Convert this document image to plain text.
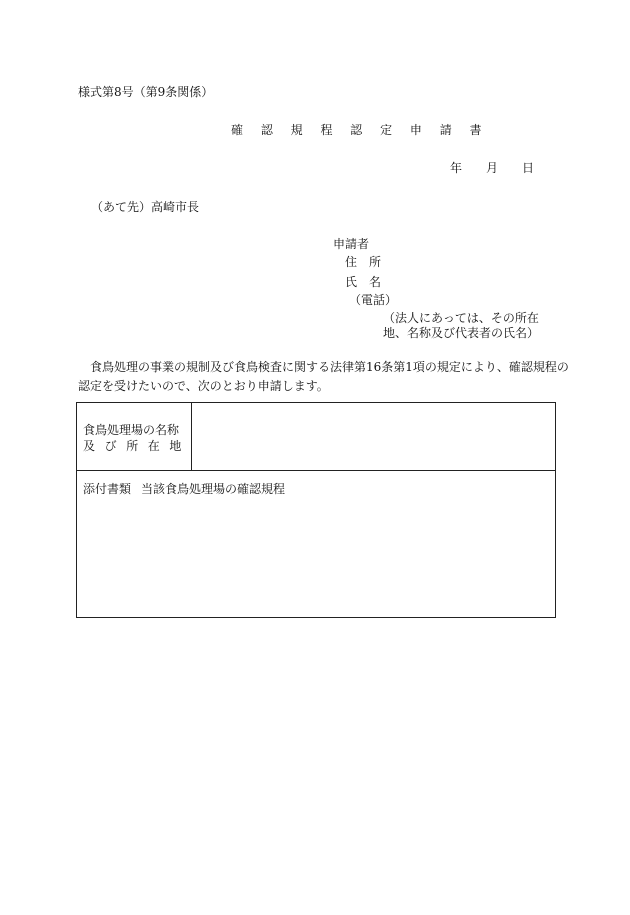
様式第8号（第9条関係）
確 認 規 程 認 定 申 請 書
年 月 日
（あて先）高崎市長
申請者
住　所
氏　名
（電話）
（法人にあっては、その所在
地、名称及び代表者の氏名）
食鳥処理の事業の規制及び食鳥検査に関する法律第16条第1項の規定により、確認規程の
認定を受けたいので、次のとおり申請します。
食鳥処理場の名称
及び所在地
添付書類 当該食鳥処理場の確認規程
